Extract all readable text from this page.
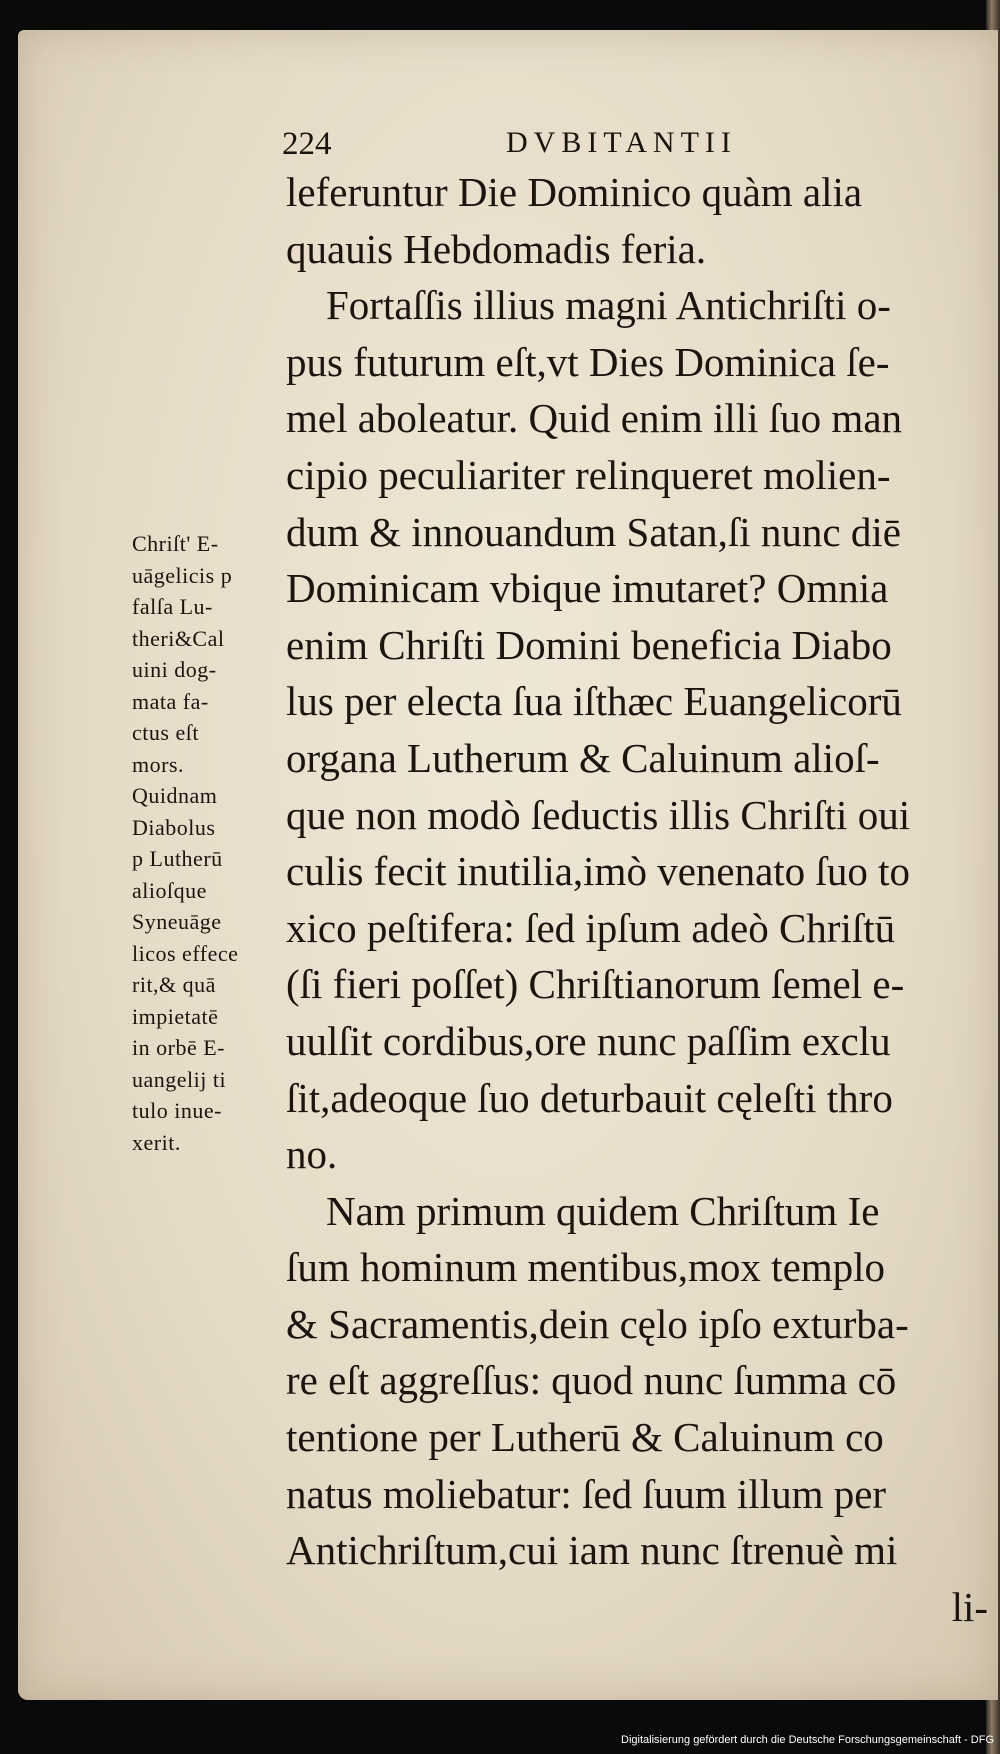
224	DVBITANTII
leferuntur Die Dominico quàm alia
quauis Hebdomadis feria.
Fortaſſis illius magni Antichriſti o-
pus futurum eſt,vt Dies Dominica ſe-
mel aboleatur. Quid enim illi ſuo man
cipio peculiariter relinqueret molien-
dum & innouandum Satan,ſi nunc diē
Dominicam vbique imutaret? Omnia
enim Chriſti Domini beneficia Diabo
lus per electa ſua iſthæc Euangelicorū
organa Lutherum & Caluinum alioſ-
que non modò ſeductis illis Chriſti oui
culis fecit inutilia,imò venenato ſuo to
xico peſtifera: ſed ipſum adeò Chriſtū
(ſi fieri poſſet) Chriſtianorum ſemel e-
uulſit cordibus,ore nunc paſſim exclu
ſit,adeoque ſuo deturbauit cęleſti thro
no.
Nam primum quidem Chriſtum Ie
ſum hominum mentibus,mox templo
& Sacramentis,dein cęlo ipſo exturba-
re eſt aggreſſus: quod nunc ſumma cō
tentione per Lutherū & Caluinum co
natus moliebatur: ſed ſuum illum per
Antichriſtum,cui iam nunc ſtrenuè mi
li-
Chriſt' E-
uāgelicis p
falſa Lu-
theri&Cal
uini dog-
mata fa-
ctus eſt
mors.
Quidnam
Diabolus
p Lutherū
alioſque
Syneuāge
licos effece
rit,& quā
impietatē
in orbē E-
uangelij ti
tulo inue-
xerit.
Digitalisierung gefördert durch die Deutsche Forschungsgemeinschaft - DFG
